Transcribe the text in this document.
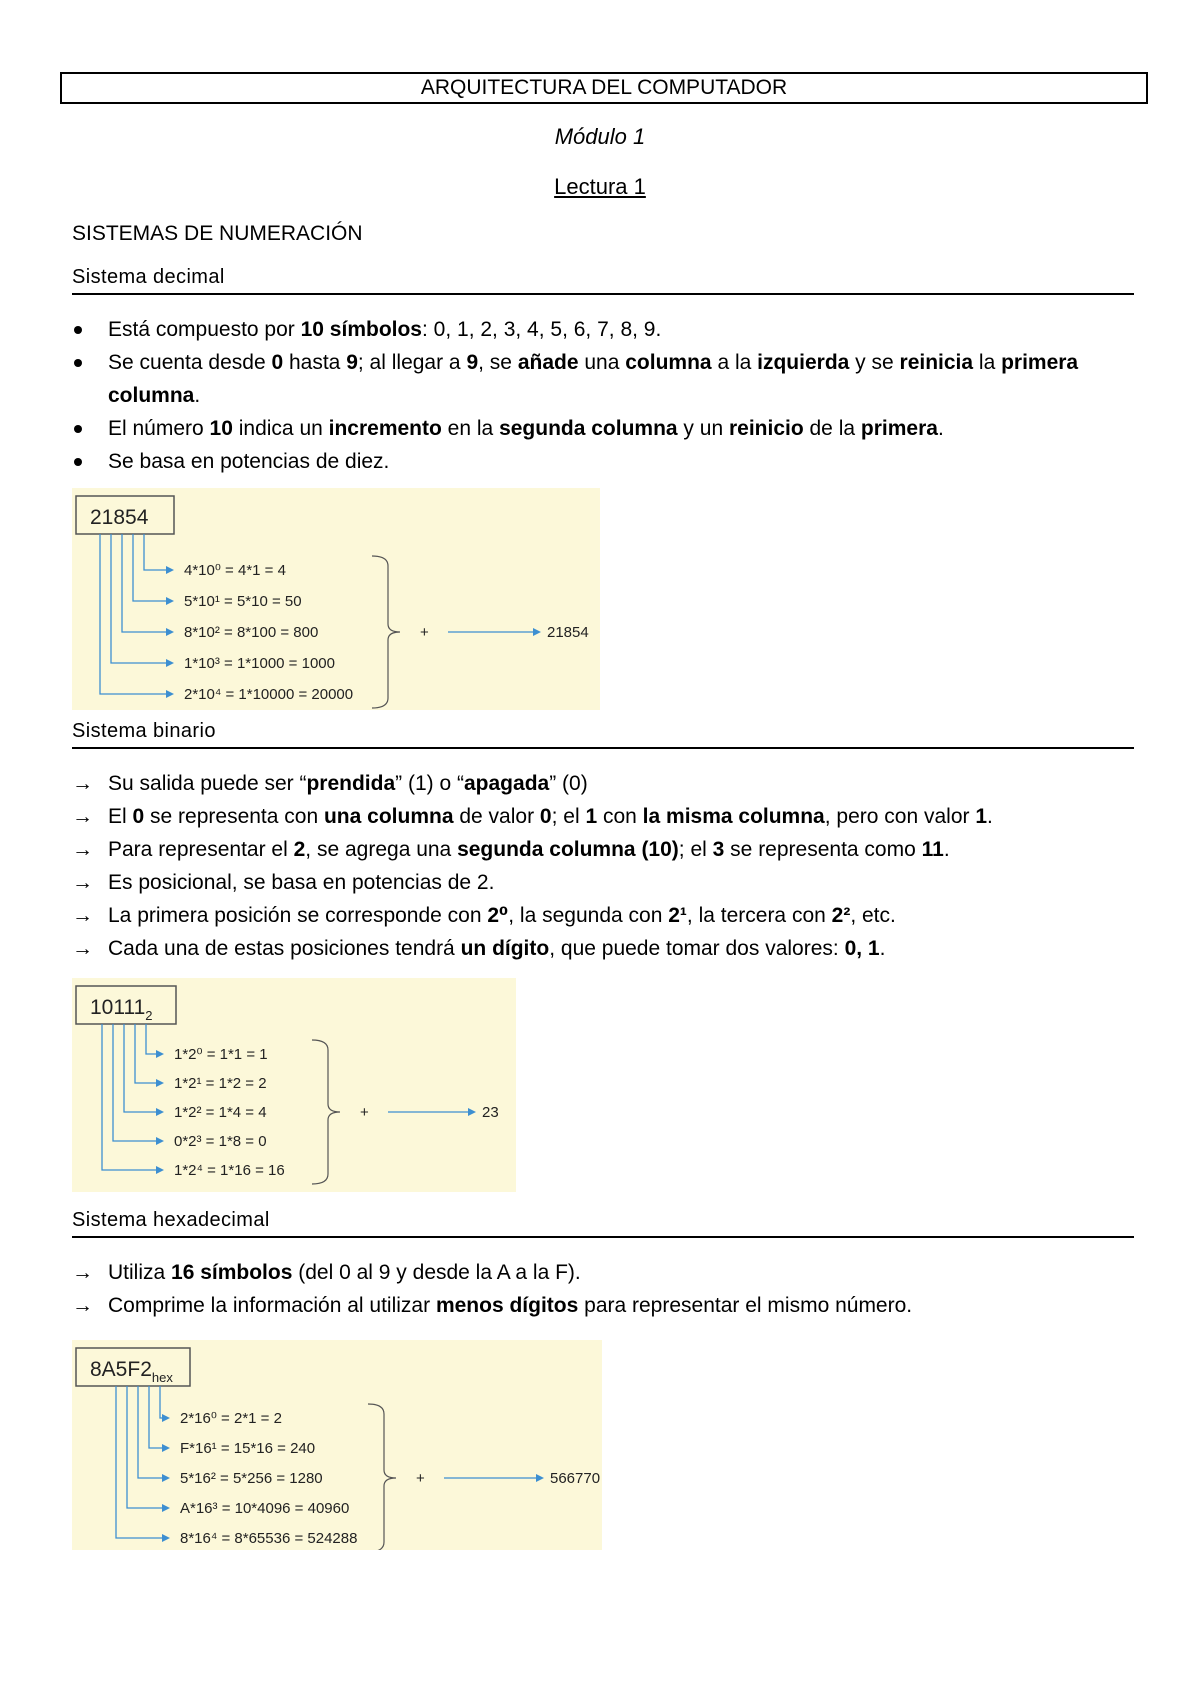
ARQUITECTURA DEL COMPUTADOR
Módulo 1
Lectura 1
SISTEMAS DE NUMERACIÓN
Sistema decimal
Está compuesto por 10 símbolos: 0, 1, 2, 3, 4, 5, 6, 7, 8, 9.
Se cuenta desde 0 hasta 9; al llegar a 9, se añade una columna a la izquierda y se reinicia la primera columna.
El número 10 indica un incremento en la segunda columna y un reinicio de la primera.
Se basa en potencias de diez.
21854
4*10⁰ = 4*1 = 4
5*10¹ = 5*10 = 50
8*10² = 8*100 = 800
1*10³ = 1*1000 = 1000
2*10⁴ = 1*10000 = 20000
+	21854
Sistema binario
→ Su salida puede ser “prendida” (1) o “apagada” (0)
→ El 0 se representa con una columna de valor 0; el 1 con la misma columna, pero con valor 1.
→ Para representar el 2, se agrega una segunda columna (10); el 3 se representa como 11.
→ Es posicional, se basa en potencias de 2.
→ La primera posición se corresponde con 2⁰, la segunda con 2¹, la tercera con 2², etc.
→ Cada una de estas posiciones tendrá un dígito, que puede tomar dos valores: 0, 1.
$10111_2$
1*2⁰ = 1*1 = 1
1*2¹ = 1*2 = 2
1*2² = 1*4 = 4
0*2³ = 1*8 = 0
1*2⁴ = 1*16 = 16
+	23
Sistema hexadecimal
→ Utiliza 16 símbolos (del 0 al 9 y desde la A a la F).
→ Comprime la información al utilizar menos dígitos para representar el mismo número.
$8A5F2_{hex}$
2*16⁰ = 2*1 = 2
F*16¹ = 15*16 = 240
5*16² = 5*256 = 1280
A*16³ = 10*4096 = 40960
8*16⁴ = 8*65536 = 524288
+	566770
